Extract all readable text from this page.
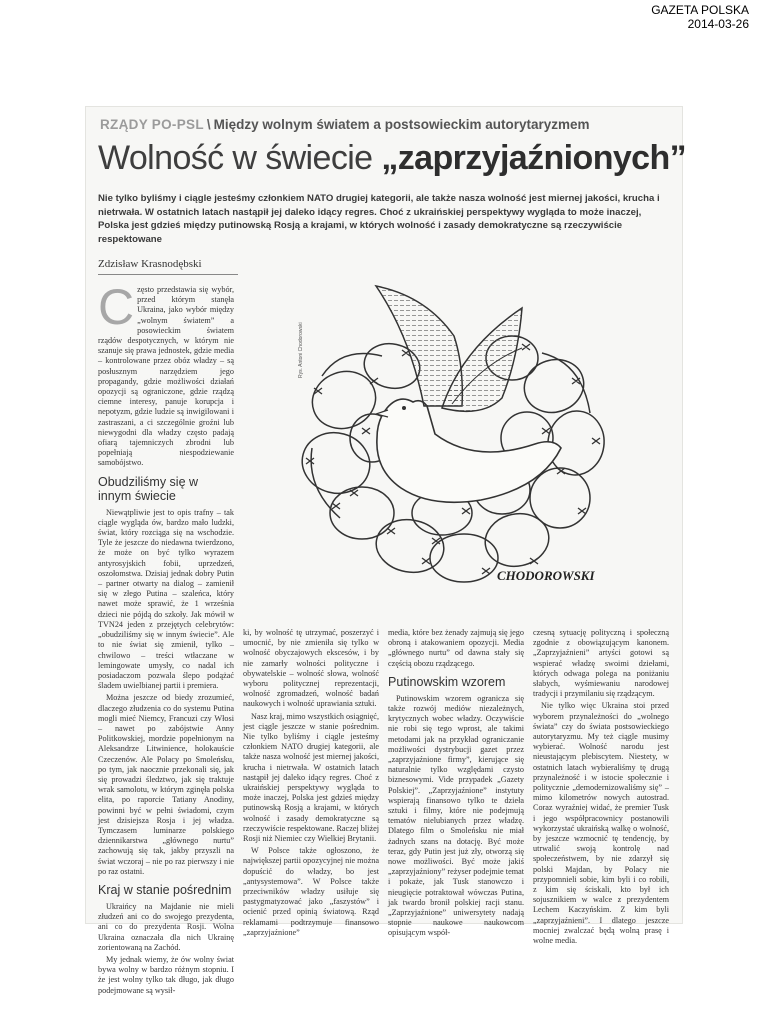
GAZETA POLSKA
2014-03-26
RZĄDY PO-PSL \ Między wolnym światem a postsowieckim autorytaryzmem
Wolność w świecie „zaprzyjaźnionych”
Nie tylko byliśmy i ciągle jesteśmy członkiem NATO drugiej kategorii, ale także nasza wolność jest miernej jakości, krucha i nietrwała. W ostatnich latach nastąpił jej daleko idący regres. Choć z ukraińskiej perspektywy wygląda to może inaczej, Polska jest gdzieś między putinowską Rosją a krajami, w których wolność i zasady demokratyczne są rzeczywiście respektowane
Zdzisław Krasnodębski
CHODOROWSKI
Rys. Antoni Chodorowski

Często przedstawia się wybór, przed którym stanęła Ukraina, jako wybór między „wolnym światem” a posowieckim światem rządów despotycznych, w którym nie szanuje się prawa jednostek, gdzie media – kontrolowane przez obóz władzy – są posłusznym narzędziem jego propagandy, gdzie możliwości działań opozycji są ograniczone, gdzie rządzą ciemne interesy, panuje korupcja i nepotyzm, gdzie ludzie są inwigilowani i zastraszani, a ci szczególnie groźni lub niewygodni dla władzy często padają ofiarą tajemniczych zbrodni lub popełniają niespodziewanie samobójstwo.

Obudziliśmy się w innym świecie

Niewątpliwie jest to opis trafny – tak ciągle wygląda ów, bardzo mało ludzki, świat, który rozciąga się na wschodzie. Tyle że jeszcze do niedawna twierdzono, że może on być tylko wyrazem antyrosyjskich fobii, uprzedzeń, oszołomstwa. Dzisiaj jednak dobry Putin – partner otwarty na dialog – zamienił się w złego Putina – szaleńca, który nawet może sprawić, że 1 września dzieci nie pójdą do szkoły. Jak mówił w TVN24 jeden z przejętych celebrytów: „obudziliśmy się w innym świecie”. Ale to nie świat się zmienił, tylko – chwilowo – treści wtłaczane w lemingowate umysły, co nadal ich posiadaczom pozwala ślepo podążać śladem uwielbianej partii i premiera.

Można jeszcze od biedy zrozumieć, dlaczego złudzenia co do systemu Putina mogli mieć Niemcy, Francuzi czy Włosi – nawet po zabójstwie Anny Politkowskiej, mordzie popełnionym na Aleksandrze Litwinience, holokauście Czeczenów. Ale Polacy po Smoleńsku, po tym, jak naocznie przekonali się, jak się prowadzi śledztwo, jak się traktuje wrak samolotu, w którym zginęła polska elita, po raporcie Tatiany Anodiny, powinni być w pełni świadomi, czym jest dzisiejsza Rosja i jej władza. Tymczasem luminarze polskiego dziennikarstwa „głównego nurtu” zachowują się tak, jakby przyszli na świat wczoraj – nie po raz pierwszy i nie po raz ostatni.

Kraj w stanie pośrednim

Ukraińcy na Majdanie nie mieli złudzeń ani co do swojego prezydenta, ani co do prezydenta Rosji. Wolna Ukraina oznaczała dla nich Ukrainę zorientowaną na Zachód.

My jednak wiemy, że ów wolny świat bywa wolny w bardzo różnym stopniu. I że jest wolny tylko tak długo, jak długo podejmowane są wysił-

ki, by wolność tę utrzymać, poszerzyć i umocnić, by nie zmieniła się tylko w wolność obyczajowych ekscesów, i by nie zamarły wolności polityczne i obywatelskie – wolność słowa, wolność wyboru politycznej reprezentacji, wolność zgromadzeń, wolność badań naukowych i wolność uprawiania sztuki.

Nasz kraj, mimo wszystkich osiągnięć, jest ciągle jeszcze w stanie pośrednim. Nie tylko byliśmy i ciągle jesteśmy członkiem NATO drugiej kategorii, ale także nasza wolność jest miernej jakości, krucha i nietrwała. W ostatnich latach nastąpił jej daleko idący regres. Choć z ukraińskiej perspektywy wygląda to może inaczej, Polska jest gdzieś między putinowską Rosją a krajami, w których wolność i zasady demokratyczne są rzeczywiście respektowane. Raczej bliżej Rosji niż Niemiec czy Wielkiej Brytanii.

W Polsce także ogłoszono, że największej partii opozycyjnej nie można dopuścić do władzy, bo jest „antysystemowa”. W Polsce także przeciwników władzy usiłuje się pastygmatyzować jako „faszystów” i ocienić przed opinią światową. Rząd reklamami podtrzymuje finansowo „zaprzyjaźnione”

media, które bez żenady zajmują się jego obroną i atakowaniem opozycji. Media „głównego nurtu” od dawna stały się częścią obozu rządzącego.

Putinowskim wzorem

Putinowskim wzorem ogranicza się także rozwój mediów niezależnych, krytycznych wobec władzy. Oczywiście nie robi się tego wprost, ale takimi metodami jak na przykład ograniczanie możliwości dystrybucji gazet przez „zaprzyjaźnione firmy”, kierujące się naturalnie tylko względami czysto biznesowymi. Vide przypadek „Gazety Polskiej”. „Zaprzyjaźnione” instytuty wspierają finansowo tylko te dzieła sztuki i filmy, które nie podejmują tematów nielubianych przez władzę. Dlatego film o Smoleńsku nie miał żadnych szans na dotację. Być może teraz, gdy Putin jest już zły, otworzą się nowe możliwości. Być może jakiś „zaprzyjaźniony” reżyser podejmie temat i pokaże, jak Tusk stanowczo i nieugięcie potraktował wówczas Putina, jak twardo bronił polskiej racji stanu. „Zaprzyjaźnione” uniwersytety nadają stopnie naukowe naukowcom opisującym współ-

czesną sytuację polityczną i społeczną zgodnie z obowiązującym kanonem. „Zaprzyjaźnieni” artyści gotowi są wspierać władzę swoimi dziełami, których odwaga polega na poniżaniu słabych, wyśmiewaniu narodowej tradycji i przymilaniu się rządzącym.

Nie tylko więc Ukraina stoi przed wyborem przynależności do „wolnego świata” czy do świata postsowieckiego autorytaryzmu. My też ciągle musimy wybierać. Wolność narodu jest nieustającym plebiscytem. Niestety, w ostatnich latach wybieraliśmy tę drugą przynależność i w istocie społecznie i politycznie „demodernizowaliśmy się” – mimo kilometrów nowych autostrad. Coraz wyraźniej widać, że premier Tusk i jego współpracownicy postanowili wykorzystać ukraińską walkę o wolność, by jeszcze wzmocnić tę tendencję, by utrwalić swoją kontrolę nad społeczeństwem, by nie zdarzył się polski Majdan, by Polacy nie przypomnieli sobie, kim byli i co robili, z kim się ściskali, kto był ich sojusznikiem w walce z prezydentem Lechem Kaczyńskim. Z kim byli „zaprzyjaźnieni”. I dlatego jeszcze mocniej zwalczać będą wolną prasę i wolne media.
